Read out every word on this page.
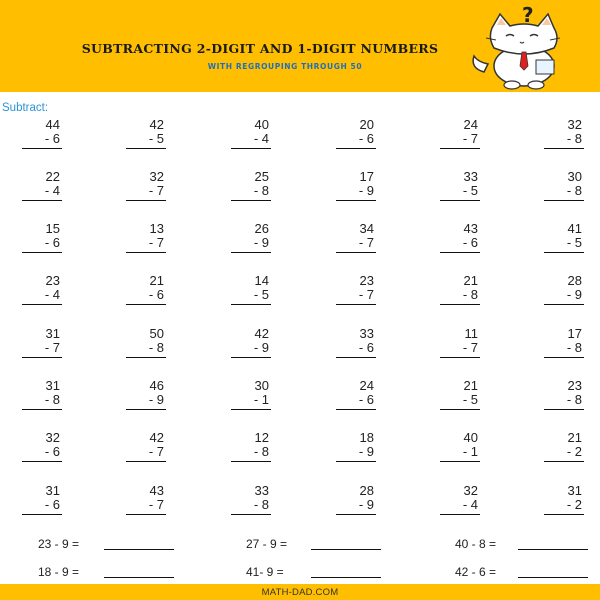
SUBTRACTING 2-DIGIT AND 1-DIGIT NUMBERS
WITH REGROUPING THROUGH 50
?
Subtract:
44
- 6
42
- 5
40
- 4
20
- 6
24
- 7
32
- 8
22
- 4
32
- 7
25
- 8
17
- 9
33
- 5
30
- 8
15
- 6
13
- 7
26
- 9
34
- 7
43
- 6
41
- 5
23
- 4
21
- 6
14
- 5
23
- 7
21
- 8
28
- 9
31
- 7
50
- 8
42
- 9
33
- 6
11
- 7
17
- 8
31
- 8
46
- 9
30
- 1
24
- 6
21
- 5
23
- 8
32
- 6
42
- 7
12
- 8
18
- 9
40
- 1
21
- 2
31
- 6
43
- 7
33
- 8
28
- 9
32
- 4
31
- 2
23 - 9 =	27 - 9 =	40 - 8 =
18 - 9 =	41- 9 =	42 - 6 =
MATH-DAD.COM
